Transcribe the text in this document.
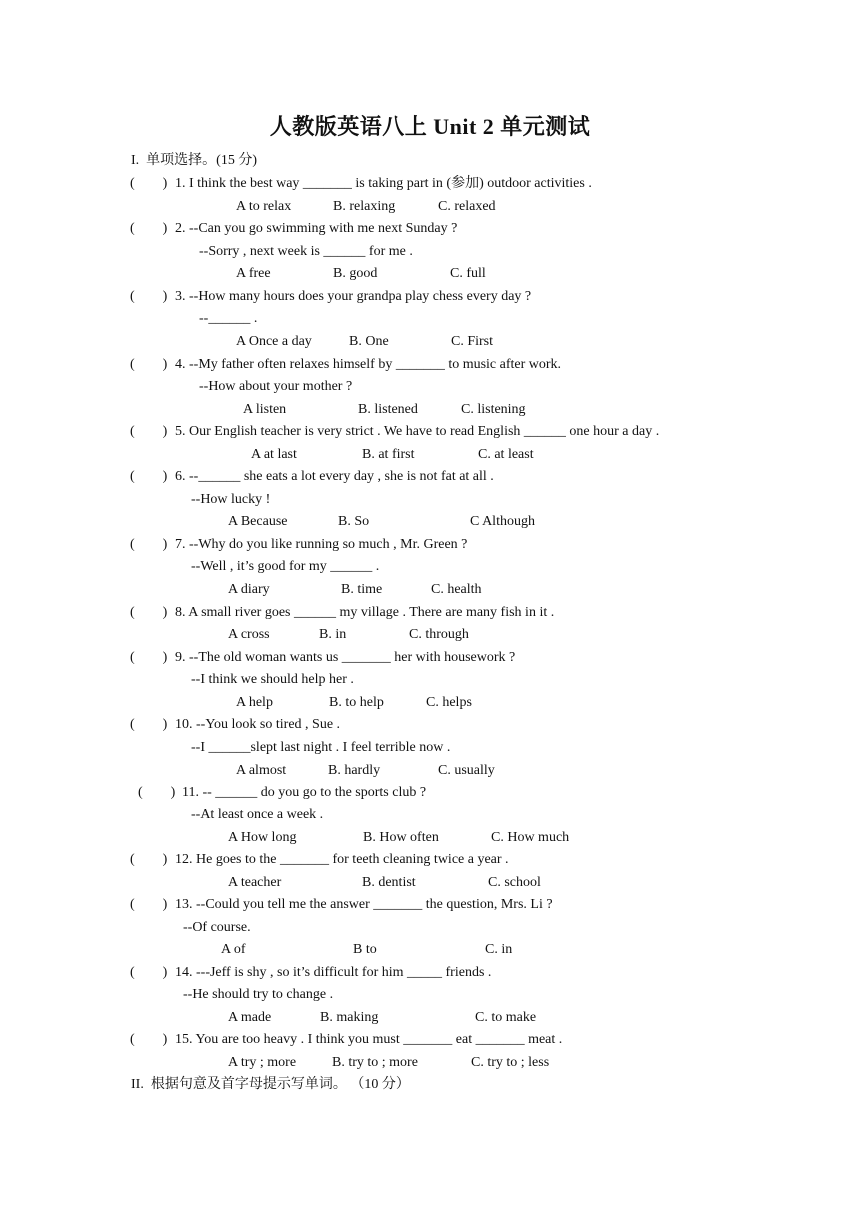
人教版英语八上 Unit 2 单元测试
I.  单项选择。(15 分)
(        ) 1. I think the best way _______ is taking part in (参加) outdoor activities .
A to relax	B. relaxing	C. relaxed
(        ) 2. --Can you go swimming with me next Sunday ?
--Sorry , next week is ______ for me .
A free	B. good	C. full
(        ) 3. --How many hours does your grandpa play chess every day ?
--______ .
A Once a day	B. One	C. First
(        ) 4. --My father often relaxes himself by _______ to music after work.
--How about your mother ?
A listen	B. listened	C. listening
(        ) 5. Our English teacher is very strict . We have to read English ______ one hour a day .
A at last	B. at first	C. at least
(        ) 6. --______ she eats a lot every day , she is not fat at all .
--How lucky !
A Because	B. So	C Although
(        ) 7. --Why do you like running so much , Mr. Green ?
--Well , it’s good for my ______ .
A diary	B. time	C. health
(        ) 8. A small river goes ______ my village . There are many fish in it .
A cross	B. in	C. through
(        ) 9. --The old woman wants us _______ her with housework ?
--I think we should help her .
A help	B. to help	C. helps
(        ) 10. --You look so tired , Sue .
--I ______slept last night . I feel terrible now .
A almost	B. hardly	C. usually
(        ) 11. -- ______ do you go to the sports club ?
--At least once a week .
A How long	B. How often	C. How much
(        ) 12. He goes to the _______ for teeth cleaning twice a year .
A teacher	B. dentist	C. school
(        ) 13. --Could you tell me the answer _______ the question, Mrs. Li ?
--Of course.
A of	B to	C. in
(        ) 14. ---Jeff is shy , so it’s difficult for him _____ friends .
--He should try to change .
A made	B. making	C. to make
(        ) 15. You are too heavy . I think you must _______ eat _______ meat .
A try ; more	B. try to ; more	C. try to ; less
II.  根据句意及首字母提示写单词。 （10 分）
